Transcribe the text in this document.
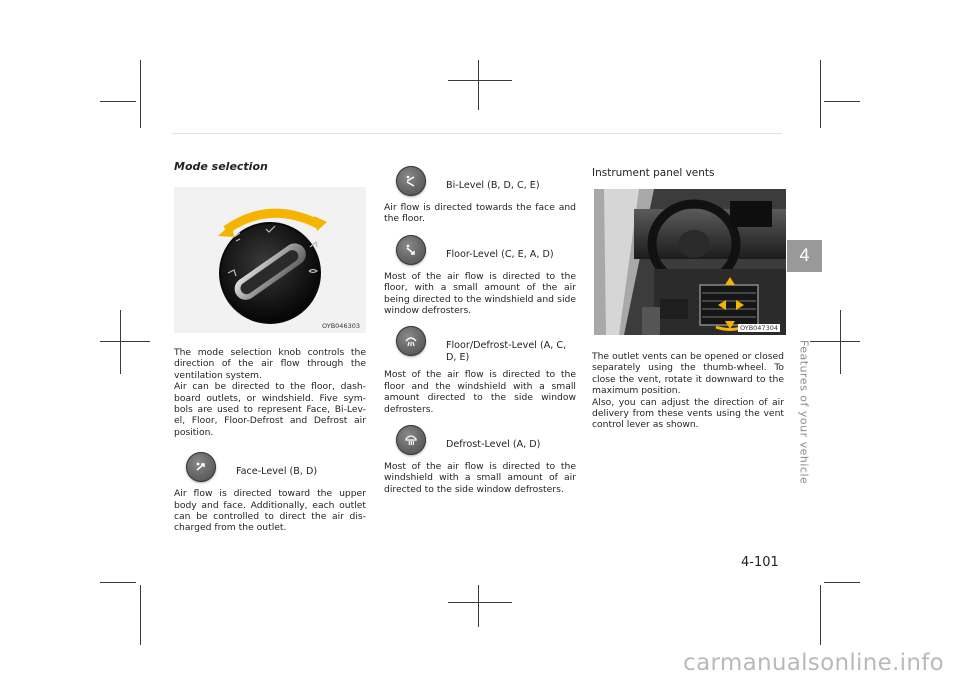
Mode selection
OYB046303

The mode selection knob controls the direction of the air flow through the ventilation system.
Air can be directed to the floor, dash-board outlets, or windshield. Five sym-bols are used to represent Face, Bi-Lev-el, Floor, Floor-Defrost and Defrost air position.

Face-Level (B, D)

Air flow is directed toward the upper body and face. Additionally, each outlet can be controlled to direct the air dis-charged from the outlet.

Bi-Level (B, D, C, E)

Air flow is directed towards the face and the floor.

Floor-Level (C, E, A, D)

Most of the air flow is directed to the floor, with a small amount of the air being directed to the windshield and side window defrosters.

Floor/Defrost-Level (A, C, D, E)

Most of the air flow is directed to the floor and the windshield with a small amount directed to the side window defrosters.

Defrost-Level (A, D)

Most of the air flow is directed to the windshield with a small amount of air directed to the side window defrosters.

Instrument panel vents
OYB047304

The outlet vents can be opened or closed separately using the thumb-wheel. To close the vent, rotate it downward to the maximum position.
Also, you can adjust the direction of air delivery from these vents using the vent control lever as shown.

4
Features of your vehicle
4-101
carmanualsonline.info
